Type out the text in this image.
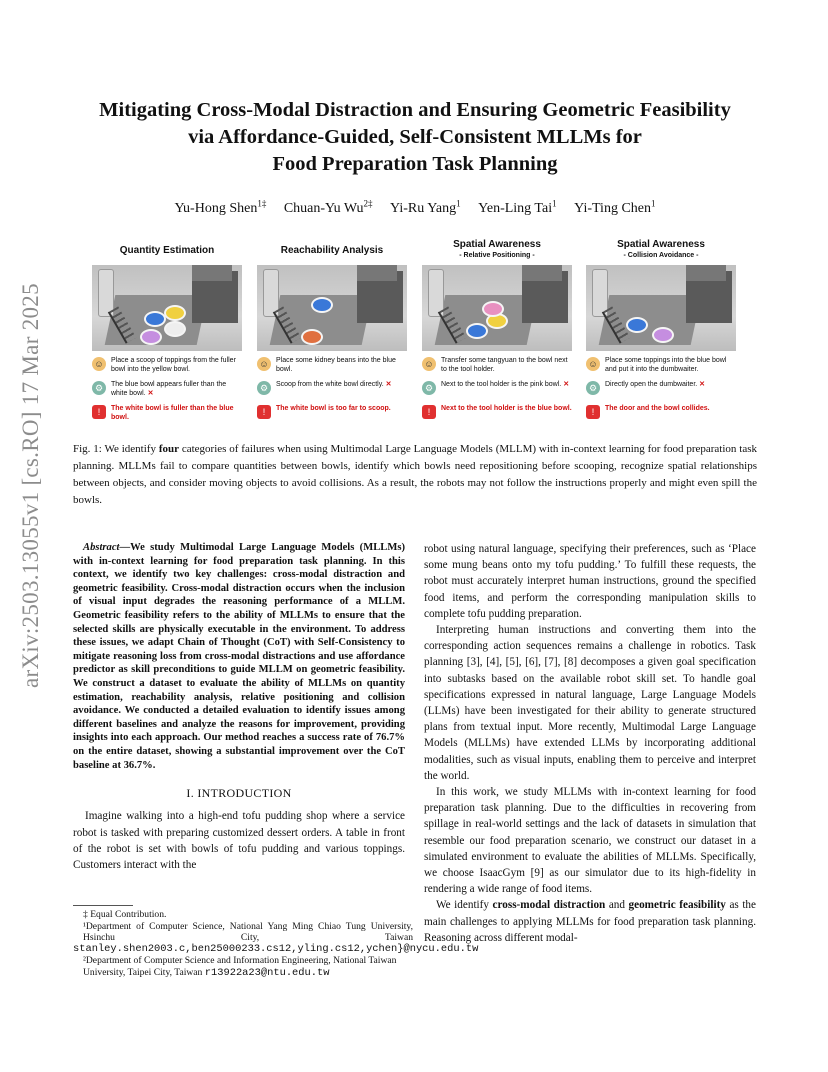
arXiv:2503.13055v1 [cs.RO] 17 Mar 2025
Mitigating Cross-Modal Distraction and Ensuring Geometric Feasibility
via Affordance-Guided, Self-Consistent MLLMs for
Food Preparation Task Planning
Yu-Hong Shen$^{1\ddagger}$ Chuan-Yu $Wu^{2\ddagger}$ Yi-Ru Yang$^1$ Yen-Ling Tai$^1$ Yi-Ting Chen$^1$
Quantity Estimation
☺	Place a scoop of toppings from the fuller bowl into the yellow bowl.
⚙	The blue bowl appears fuller than the white bowl. ✕
!	The white bowl is fuller than the blue bowl.
Reachability Analysis
☺	Place some kidney beans into the blue bowl.
⚙	Scoop from the white bowl directly. ✕
!	The white bowl is too far to scoop.
Spatial Awareness
- Relative Positioning -
☺	Transfer some tangyuan to the bowl next to the tool holder.
⚙	Next to the tool holder is the pink bowl. ✕
!	Next to the tool holder is the blue bowl.
Spatial Awareness
- Collision Avoidance -
☺	Place some toppings into the blue bowl and put it into the dumbwaiter.
⚙	Directly open the dumbwaiter. ✕
!	The door and the bowl collides.
Fig. 1: We identify four categories of failures when using Multimodal Large Language Models (MLLM) with in-context learning for food preparation task planning. MLLMs fail to compare quantities between bowls, identify which bowls need repositioning before scooping, recognize spatial relationships between objects, and consider moving objects to avoid collisions. As a result, the robots may not follow the instructions properly and might even spill the bowls.

Abstract—We study Multimodal Large Language Models (MLLMs) with in-context learning for food preparation task planning. In this context, we identify two key challenges: cross-modal distraction and geometric feasibility. Cross-modal distraction occurs when the inclusion of visual input degrades the reasoning performance of a MLLM. Geometric feasibility refers to the ability of MLLMs to ensure that the selected skills are physically executable in the environment. To address these issues, we adapt Chain of Thought (CoT) with Self-Consistency to mitigate reasoning loss from cross-modal distractions and use affordance predictor as skill preconditions to guide MLLM on geometric feasibility. We construct a dataset to evaluate the ability of MLLMs on quantity estimation, reachability analysis, relative positioning and collision avoidance. We conducted a detailed evaluation to identify issues among different baselines and analyze the reasons for improvement, providing insights into each approach. Our method reaches a success rate of 76.7% on the entire dataset, showing a substantial improvement over the CoT baseline at 36.7%.

I. INTRODUCTION

Imagine walking into a high-end tofu pudding shop where a service robot is tasked with preparing customized dessert orders. A table in front of the robot is set with bowls of tofu pudding and various toppings. Customers interact with the

‡ Equal Contribution.
¹Department of Computer Science, National Yang Ming Chiao Tung University, Hsinchu City, Taiwan
stanley.shen2003.c,ben25000233.cs12,yling.cs12,ychen}@nycu.edu.tw
²Department of Computer Science and Information Engineering, National Taiwan University, Taipei City, Taiwan r13922a23@ntu.edu.tw

robot using natural language, specifying their preferences, such as ‘Place some mung beans onto my tofu pudding.’ To fulfill these requests, the robot must accurately interpret human instructions, ground the specified food items, and perform the corresponding manipulation skills to complete tofu pudding preparation.

Interpreting human instructions and converting them into the corresponding action sequences remains a challenge in robotics. Task planning [3], [4], [5], [6], [7], [8] decomposes a given goal specification into subtasks based on the available robot skill set. To handle goal specifications expressed in natural language, Large Language Models (LLMs) have been investigated for their ability to generate structured plans from textual input. More recently, Multimodal Large Language Models (MLLMs) have extended LLMs by incorporating additional modalities, such as visual inputs, enabling them to perceive and interpret the world.

In this work, we study MLLMs with in-context learning for food preparation task planning. Due to the difficulties in recovering from spillage in real-world settings and the lack of datasets in simulation that resemble our food preparation scenario, we construct our dataset in a simulated environment to evaluate the abilities of MLLMs. Specifically, we choose IsaacGym [9] as our simulator due to its high-fidelity in rendering a wide range of food items.

We identify cross-modal distraction and geometric feasibility as the main challenges to applying MLLMs for food preparation task planning. Reasoning across different modal-
